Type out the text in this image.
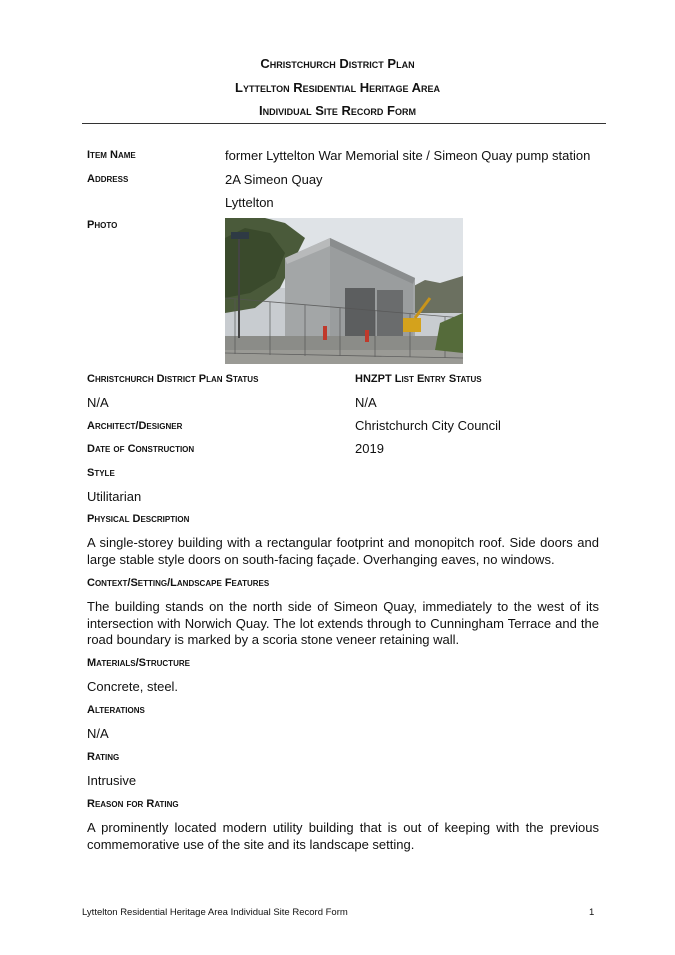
Christchurch District Plan
Lyttelton Residential Heritage Area
Individual Site Record Form
Item Name	former Lyttelton War Memorial site / Simeon Quay pump station
Address	2A Simeon Quay
Lyttelton
Photo
Christchurch District Plan Status	HNZPT List Entry Status
N/A	N/A
Architect/Designer	Christchurch City Council
Date of Construction	2019
Style
Utilitarian
Physical Description
A single-storey building with a rectangular footprint and monopitch roof. Side doors and large stable style doors on south-facing façade. Overhanging eaves, no windows.
Context/Setting/Landscape Features
The building stands on the north side of Simeon Quay, immediately to the west of its intersection with Norwich Quay. The lot extends through to Cunningham Terrace and the road boundary is marked by a scoria stone veneer retaining wall.
Materials/Structure
Concrete, steel.
Alterations
N/A
Rating
Intrusive
Reason for Rating
A prominently located modern utility building that is out of keeping with the previous commemorative use of the site and its landscape setting.
Lyttelton Residential Heritage Area Individual Site Record Form	1
